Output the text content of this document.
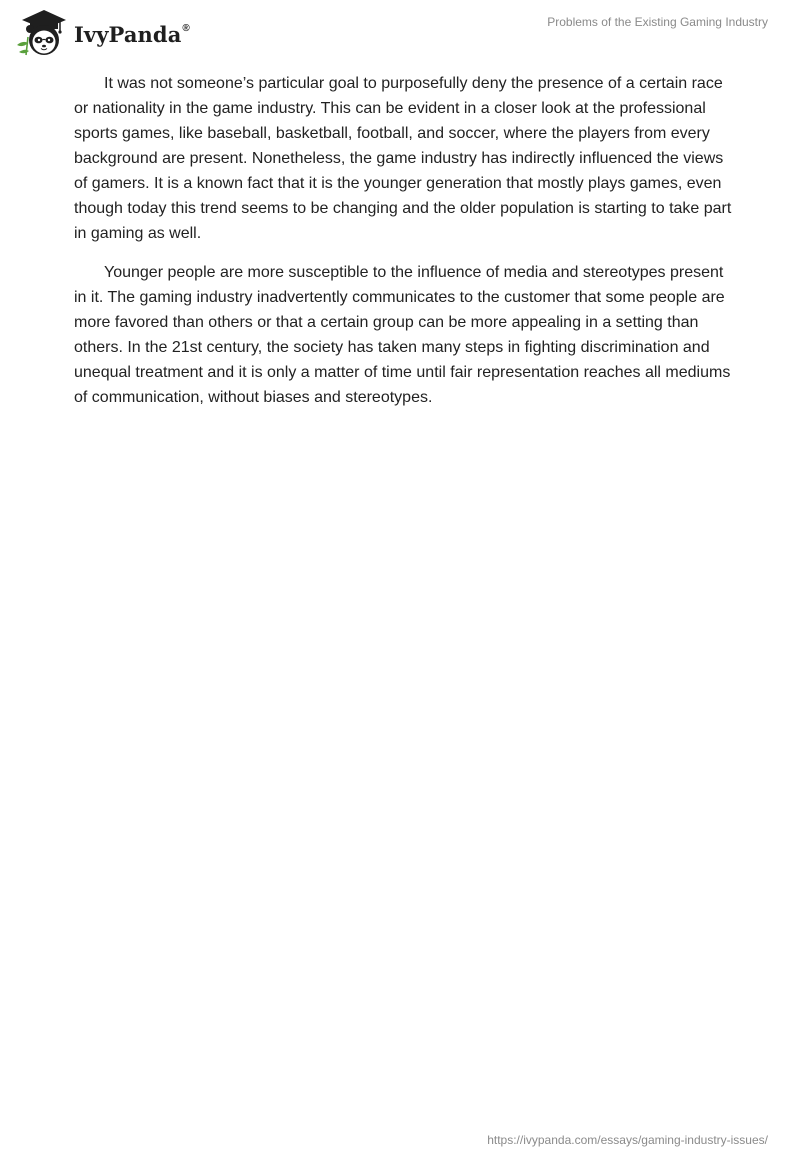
IvyPanda®	Problems of the Existing Gaming Industry

It was not someone’s particular goal to purposefully deny the presence of a certain race or nationality in the game industry. This can be evident in a closer look at the professional sports games, like baseball, basketball, football, and soccer, where the players from every background are present. Nonetheless, the game industry has indirectly influenced the views of gamers. It is a known fact that it is the younger generation that mostly plays games, even though today this trend seems to be changing and the older population is starting to take part in gaming as well.

Younger people are more susceptible to the influence of media and stereotypes present in it. The gaming industry inadvertently communicates to the customer that some people are more favored than others or that a certain group can be more appealing in a setting than others. In the 21st century, the society has taken many steps in fighting discrimination and unequal treatment and it is only a matter of time until fair representation reaches all mediums of communication, without biases and stereotypes.

https://ivypanda.com/essays/gaming-industry-issues/
